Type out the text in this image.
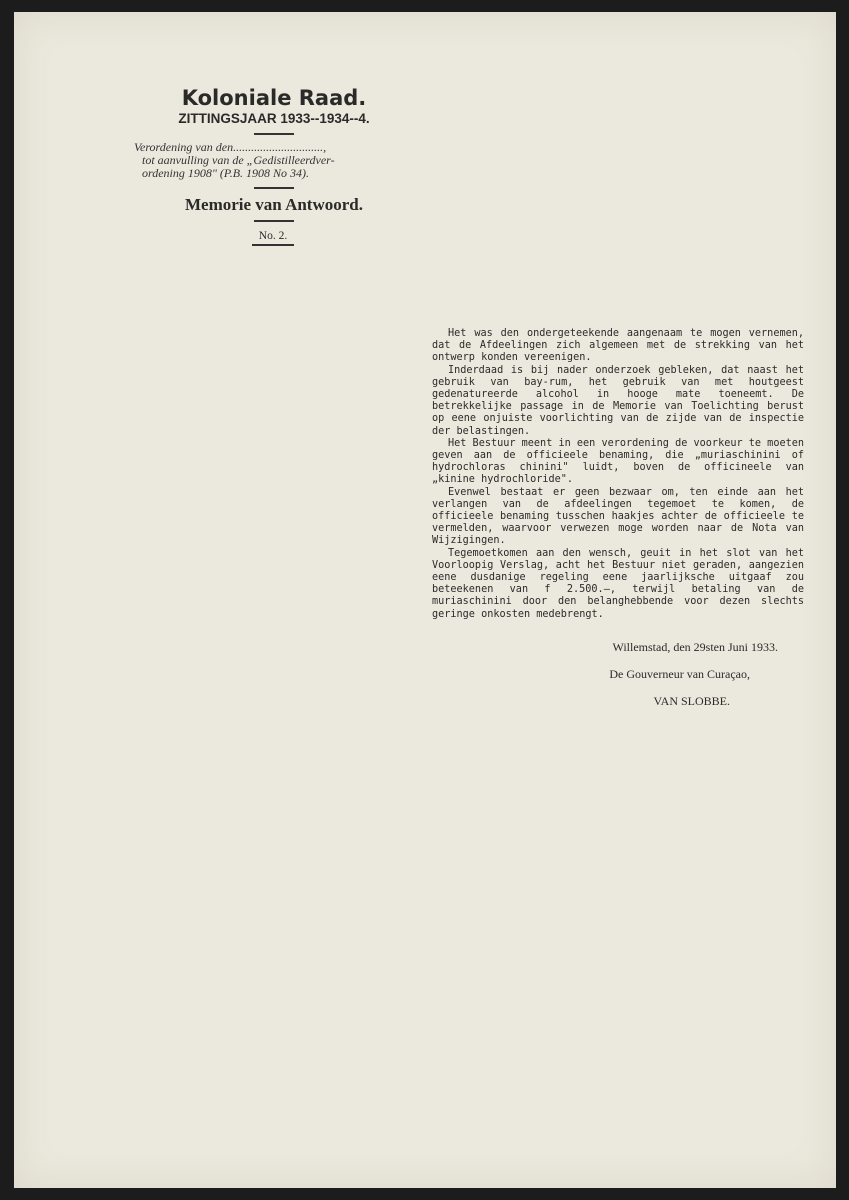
Koloniale Raad.
ZITTINGSJAAR 1933--1934--4.
Verordening van den..............................,
tot aanvulling van de „Gedistilleerdver-
ordening 1908" (P.B. 1908 No 34).
Memorie van Antwoord.
No. 2.

Het was den ondergeteekende aangenaam te mogen vernemen, dat de Afdeelingen zich algemeen met de strekking van het ontwerp konden vereenigen.

Inderdaad is bij nader onderzoek gebleken, dat naast het gebruik van bay-rum, het gebruik van met houtgeest gedenatureerde alcohol in hooge mate toeneemt. De betrekkelijke passage in de Memorie van Toelichting berust op eene onjuiste voorlichting van de zijde van de inspectie der belastingen.

Het Bestuur meent in een verordening de voorkeur te moeten geven aan de officieele benaming, die „muriaschinini of hydrochloras chinini" luidt, boven de officineele van „kinine hydrochloride".

Evenwel bestaat er geen bezwaar om, ten einde aan het verlangen van de afdeelingen tegemoet te komen, de officieele benaming tusschen haakjes achter de officieele te vermelden, waarvoor verwezen moge worden naar de Nota van Wijzigingen.

Tegemoetkomen aan den wensch, geuit in het slot van het Voorloopig Verslag, acht het Bestuur niet geraden, aangezien eene dusdanige regeling eene jaarlijksche uitgaaf zou beteekenen van f 2.500.—, terwijl betaling van de muriaschinini door den belanghebbende voor dezen slechts geringe onkosten medebrengt.

Willemstad, den 29sten Juni 1933.
De Gouverneur van Curaçao,
VAN SLOBBE.
